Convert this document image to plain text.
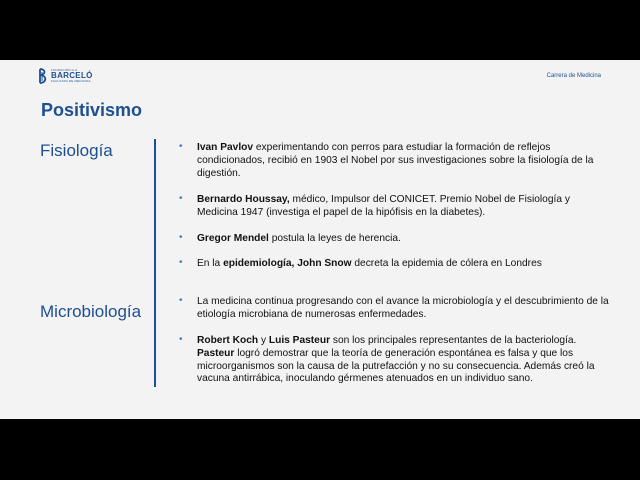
FUNDACIÓN H.A.
BARCELÓ
FACULTAD DE MEDICINA
Carrera de Medicina
Positivismo
Fisiología
Microbiología
• Ivan Pavlov experimentando con perros para estudiar la formación de reflejos condicionados, recibió en 1903 el Nobel por sus investigaciones sobre la fisiología de la digestión.
• Bernardo Houssay, médico, Impulsor del CONICET. Premio Nobel de Fisiología y Medicina 1947 (investiga el papel de la hipófisis en la diabetes).
• Gregor Mendel postula la leyes de herencia.
• En la epidemiología, John Snow decreta la epidemia de cólera en Londres
• La medicina continua progresando con el avance la microbiología y el descubrimiento de la etiología microbiana de numerosas enfermedades.
• Robert Koch y Luis Pasteur son los principales representantes de la bacteriología. Pasteur logró demostrar que la teoría de generación espontánea es falsa y que los microorganismos son la causa de la putrefacción y no su consecuencia. Además creó la vacuna antirrábica, inoculando gérmenes atenuados en un individuo sano.
